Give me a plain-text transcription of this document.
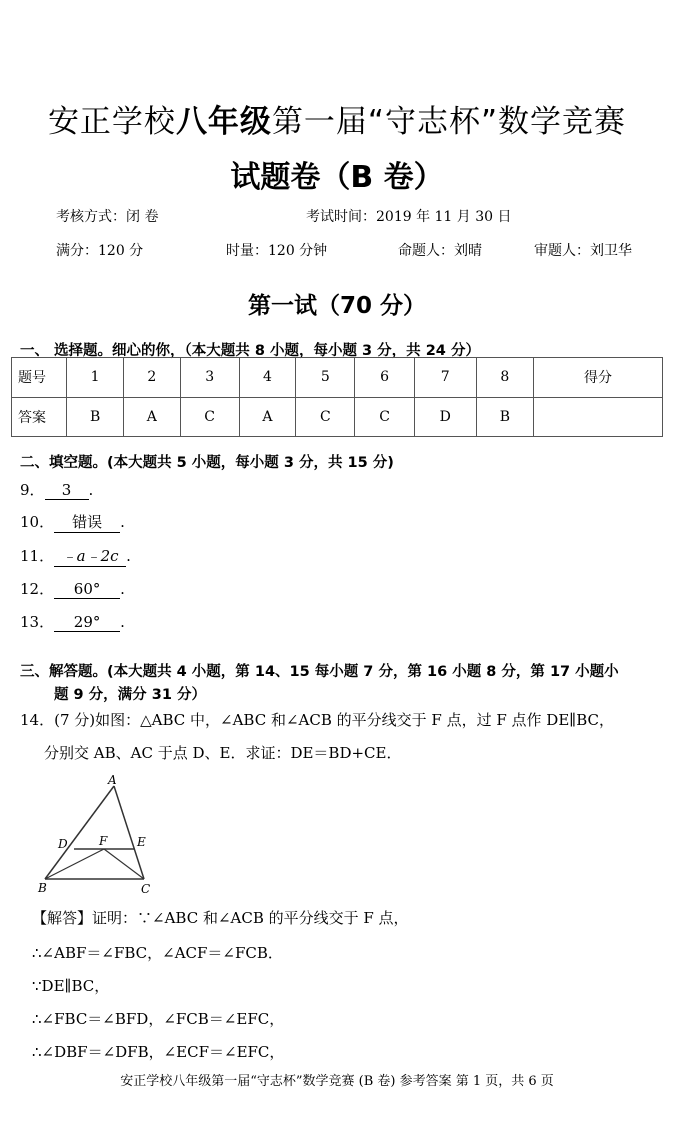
安正学校八年级第一届“守志杯”数学竞赛
试题卷（B 卷）
考核方式：闭 卷	考试时间：2019 年 11 月 30 日
满分：120 分	时量：120 分钟	命题人：刘晴	审题人：刘卫华
第一试（70 分）
一、 选择题。细心的你，（本大题共 8 小题，每小题 3 分，共 24 分）
题号	1	2	3	4	5	6	7	8	得分
答案	B	A	C	A	C	C	D	B	
二、填空题。(本大题共 5 小题，每小题 3 分，共 15 分)
9． 3 .
10． 错误 .
11． ﹣a﹣2c .
12． 60° .
13． 29° .
三、解答题。(本大题共 4 小题，第 14、15 每小题 7 分，第 16 小题 8 分，第 17 小题小
题 9 分，满分 31 分）
14．(7 分)如图：△ABC 中，∠ABC 和∠ACB 的平分线交于 F 点，过 F 点作 DE∥BC，
分别交 AB、AC 于点 D、E．求证：DE＝BD+CE．
A
D	F E
B	C
【解答】证明：∵∠ABC 和∠ACB 的平分线交于 F 点，
∴∠ABF＝∠FBC，∠ACF＝∠FCB．
∵DE∥BC，
∴∠FBC＝∠BFD，∠FCB＝∠EFC，
∴∠DBF＝∠DFB，∠ECF＝∠EFC，
安正学校八年级第一届“守志杯”数学竞赛 (B 卷) 参考答案 第 1 页，共 6 页
